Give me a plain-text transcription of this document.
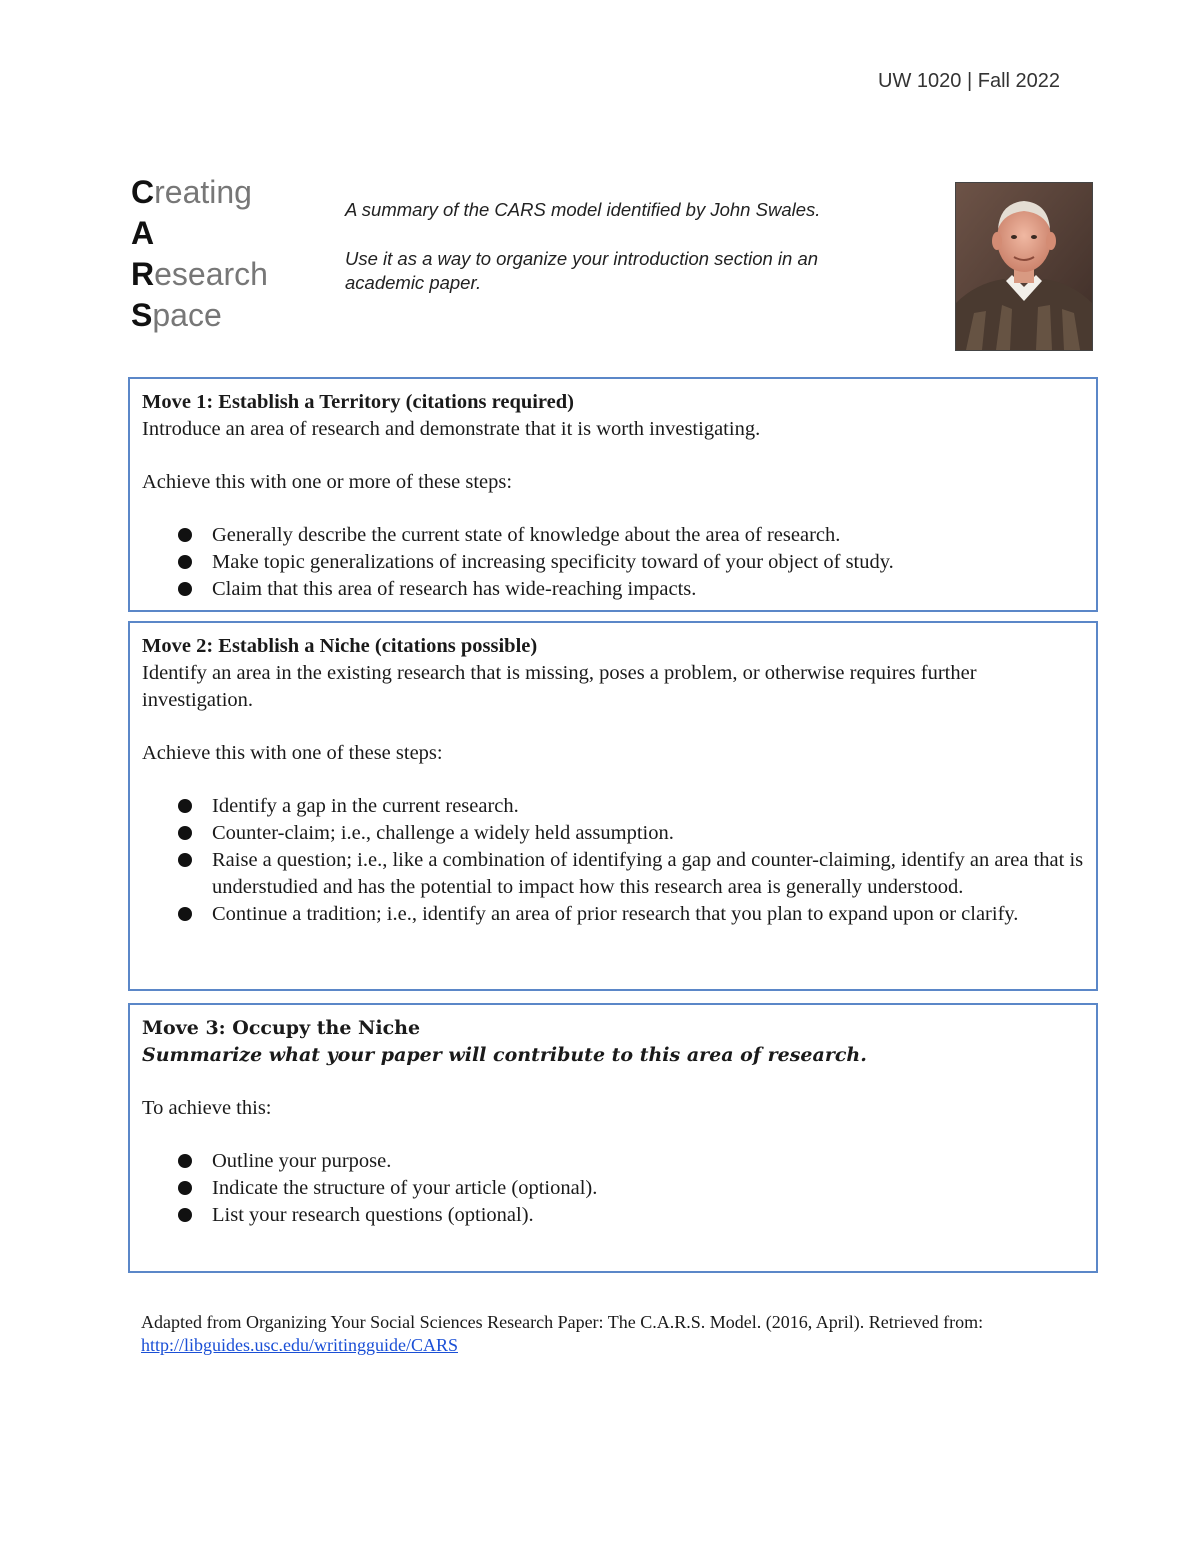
UW 1020 | Fall 2022
Creating
A
Research
Space

A summary of the CARS model identified by John Swales.

Use it as a way to organize your introduction section in an academic paper.

Move 1: Establish a Territory (citations required)

Introduce an area of research and demonstrate that it is worth investigating.

Achieve this with one or more of these steps:

Generally describe the current state of knowledge about the area of research.
Make topic generalizations of increasing specificity toward of your object of study.
Claim that this area of research has wide-reaching impacts.

Move 2: Establish a Niche (citations possible)

Identify an area in the existing research that is missing, poses a problem, or otherwise requires further investigation.

Achieve this with one of these steps:

Identify a gap in the current research.
Counter-claim; i.e., challenge a widely held assumption.
Raise a question; i.e., like a combination of identifying a gap and counter-claiming, identify an area that is understudied and has the potential to impact how this research area is generally understood.
Continue a tradition; i.e., identify an area of prior research that you plan to expand upon or clarify.

Move 3: Occupy the Niche

Summarize what your paper will contribute to this area of research.

To achieve this:

Outline your purpose.
Indicate the structure of your article (optional).
List your research questions (optional).
Adapted from Organizing Your Social Sciences Research Paper: The C.A.R.S. Model. (2016, April). Retrieved from:
http://libguides.usc.edu/writingguide/CARS
